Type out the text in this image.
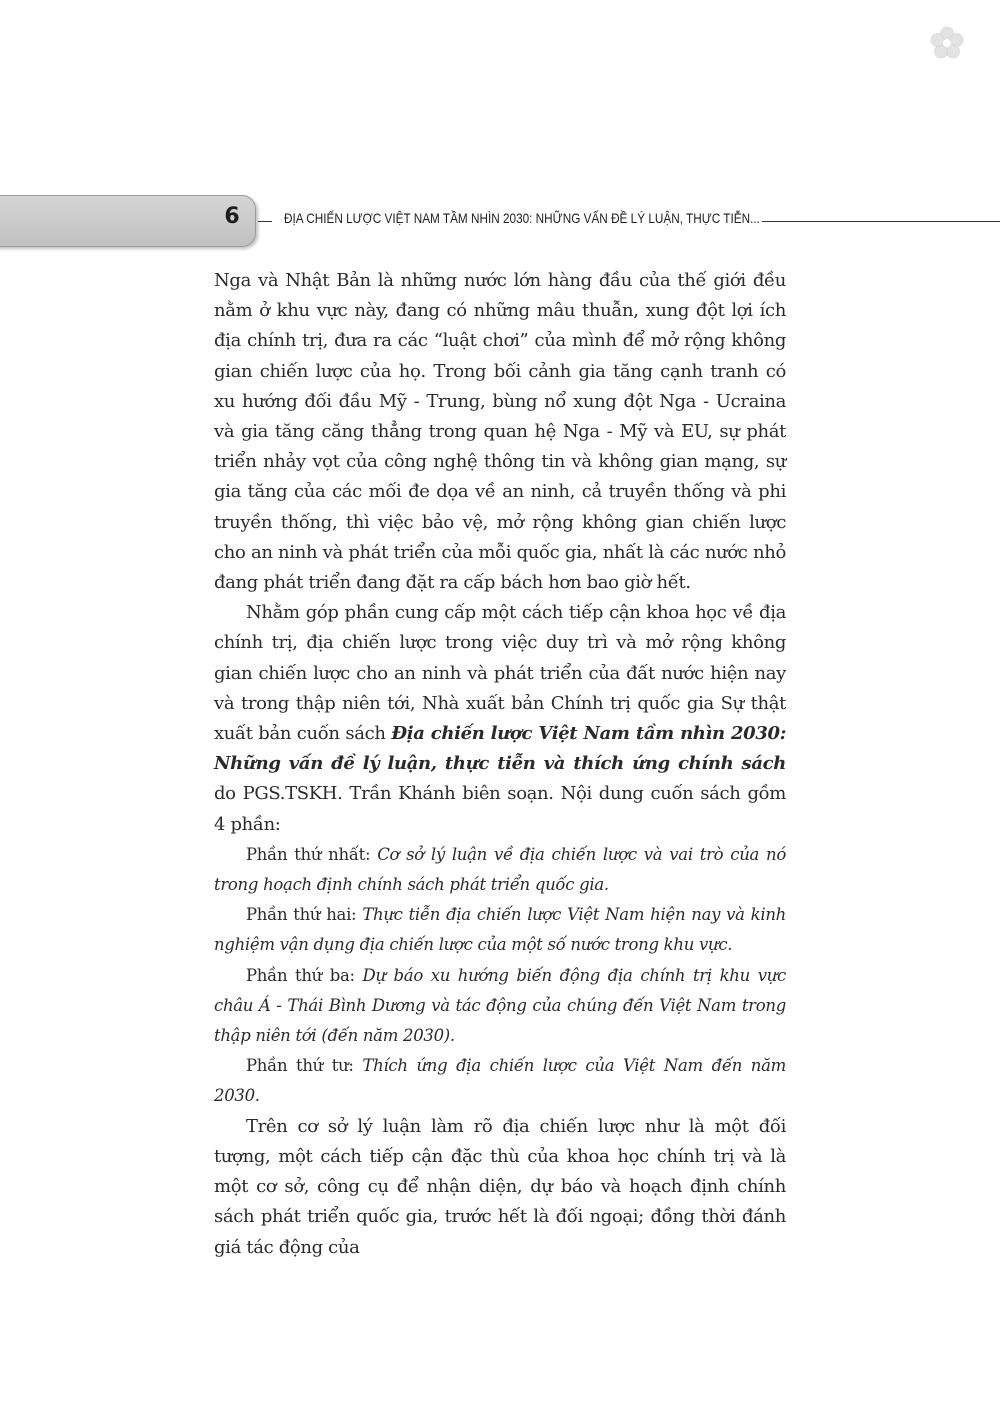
6	ĐỊA CHIẾN LƯỢC VIỆT NAM TẦM NHÌN 2030: NHỮNG VẤN ĐỀ LÝ LUẬN, THỰC TIỄN...

Nga và Nhật Bản là những nước lớn hàng đầu của thế giới đều nằm ở khu vực này, đang có những mâu thuẫn, xung đột lợi ích địa chính trị, đưa ra các “luật chơi” của mình để mở rộng không gian chiến lược của họ. Trong bối cảnh gia tăng cạnh tranh có xu hướng đối đầu Mỹ - Trung, bùng nổ xung đột Nga - Ucraina và gia tăng căng thẳng trong quan hệ Nga - Mỹ và EU, sự phát triển nhảy vọt của công nghệ thông tin và không gian mạng, sự gia tăng của các mối đe dọa về an ninh, cả truyền thống và phi truyền thống, thì việc bảo vệ, mở rộng không gian chiến lược cho an ninh và phát triển của mỗi quốc gia, nhất là các nước nhỏ đang phát triển đang đặt ra cấp bách hơn bao giờ hết.

Nhằm góp phần cung cấp một cách tiếp cận khoa học về địa chính trị, địa chiến lược trong việc duy trì và mở rộng không gian chiến lược cho an ninh và phát triển của đất nước hiện nay và trong thập niên tới, Nhà xuất bản Chính trị quốc gia Sự thật xuất bản cuốn sách Địa chiến lược Việt Nam tầm nhìn 2030: Những vấn đề lý luận, thực tiễn và thích ứng chính sách do PGS.TSKH. Trần Khánh biên soạn. Nội dung cuốn sách gồm 4 phần:

Phần thứ nhất: Cơ sở lý luận về địa chiến lược và vai trò của nó trong hoạch định chính sách phát triển quốc gia.

Phần thứ hai: Thực tiễn địa chiến lược Việt Nam hiện nay và kinh nghiệm vận dụng địa chiến lược của một số nước trong khu vực.

Phần thứ ba: Dự báo xu hướng biến động địa chính trị khu vực châu Á - Thái Bình Dương và tác động của chúng đến Việt Nam trong thập niên tới (đến năm 2030).

Phần thứ tư: Thích ứng địa chiến lược của Việt Nam đến năm 2030.

Trên cơ sở lý luận làm rõ địa chiến lược như là một đối tượng, một cách tiếp cận đặc thù của khoa học chính trị và là một cơ sở, công cụ để nhận diện, dự báo và hoạch định chính sách phát triển quốc gia, trước hết là đối ngoại; đồng thời đánh giá tác động của
